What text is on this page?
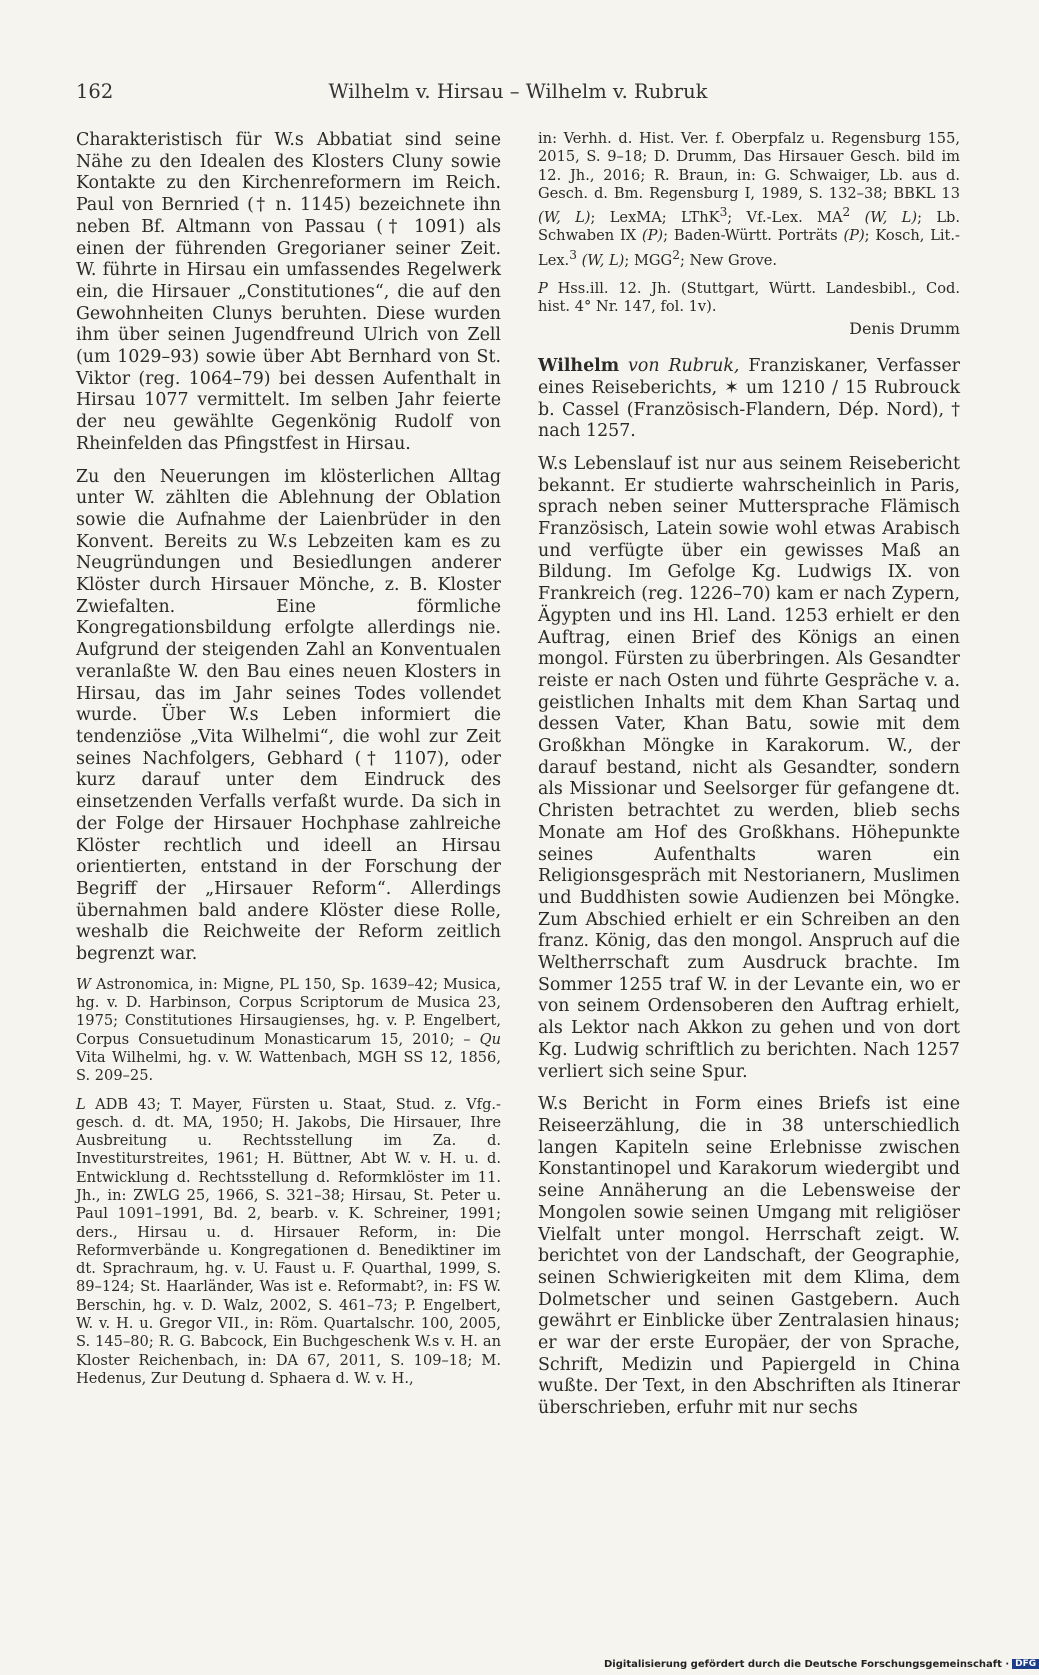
162	Wilhelm v. Hirsau – Wilhelm v. Rubruk

Charakteristisch für W.s Abbatiat sind seine Nähe zu den Idealen des Klosters Cluny sowie Kontakte zu den Kirchenreformern im Reich. Paul von Bernried († n. 1145) bezeichnete ihn neben Bf. Altmann von Passau († 1091) als einen der führenden Gregorianer seiner Zeit. W. führte in Hirsau ein umfassendes Regelwerk ein, die Hirsauer „Constitutiones“, die auf den Gewohnheiten Clunys beruhten. Diese wurden ihm über seinen Jugendfreund Ulrich von Zell (um 1029–93) sowie über Abt Bernhard von St. Viktor (reg. 1064–79) bei dessen Aufenthalt in Hirsau 1077 vermittelt. Im selben Jahr feierte der neu gewählte Gegenkönig Rudolf von Rheinfelden das Pfingstfest in Hirsau.

Zu den Neuerungen im klösterlichen Alltag unter W. zählten die Ablehnung der Oblation sowie die Aufnahme der Laienbrüder in den Konvent. Bereits zu W.s Lebzeiten kam es zu Neugründungen und Besiedlungen anderer Klöster durch Hirsauer Mönche, z. B. Kloster Zwiefalten. Eine förmliche Kongregationsbildung erfolgte allerdings nie. Aufgrund der steigenden Zahl an Konventualen veranlaßte W. den Bau eines neuen Klosters in Hirsau, das im Jahr seines Todes vollendet wurde. Über W.s Leben informiert die tendenziöse „Vita Wilhelmi“, die wohl zur Zeit seines Nachfolgers, Gebhard († 1107), oder kurz darauf unter dem Eindruck des einsetzenden Verfalls verfaßt wurde. Da sich in der Folge der Hirsauer Hochphase zahlreiche Klöster rechtlich und ideell an Hirsau orientierten, entstand in der Forschung der Begriff der „Hirsauer Reform“. Allerdings übernahmen bald andere Klöster diese Rolle, weshalb die Reichweite der Reform zeitlich begrenzt war.

W Astronomica, in: Migne, PL 150, Sp. 1639–42; Musica, hg. v. D. Harbinson, Corpus Scriptorum de Musica 23, 1975; Constitutiones Hirsaugienses, hg. v. P. Engelbert, Corpus Consuetudinum Monasticarum 15, 2010; – Qu Vita Wilhelmi, hg. v. W. Wattenbach, MGH SS 12, 1856, S. 209–25.

L ADB 43; T. Mayer, Fürsten u. Staat, Stud. z. Vfg.-gesch. d. dt. MA, 1950; H. Jakobs, Die Hirsauer, Ihre Ausbreitung u. Rechtsstellung im Za. d. Investiturstreites, 1961; H. Büttner, Abt W. v. H. u. d. Entwicklung d. Rechtsstellung d. Reformklöster im 11. Jh., in: ZWLG 25, 1966, S. 321–38; Hirsau, St. Peter u. Paul 1091–1991, Bd. 2, bearb. v. K. Schreiner, 1991; ders., Hirsau u. d. Hirsauer Reform, in: Die Reformverbände u. Kongregationen d. Benediktiner im dt. Sprachraum, hg. v. U. Faust u. F. Quarthal, 1999, S. 89–124; St. Haarländer, Was ist e. Reformabt?, in: FS W. Berschin, hg. v. D. Walz, 2002, S. 461–73; P. Engelbert, W. v. H. u. Gregor VII., in: Röm. Quartalschr. 100, 2005, S. 145–80; R. G. Babcock, Ein Buchgeschenk W.s v. H. an Kloster Reichenbach, in: DA 67, 2011, S. 109–18; M. Hedenus, Zur Deutung d. Sphaera d. W. v. H.,

in: Verhh. d. Hist. Ver. f. Oberpfalz u. Regensburg 155, 2015, S. 9–18; D. Drumm, Das Hirsauer Gesch. bild im 12. Jh., 2016; R. Braun, in: G. Schwaiger, Lb. aus d. Gesch. d. Bm. Regensburg I, 1989, S. 132–38; BBKL 13 (W, L); LexMA; LThK$^3$; Vf.-Lex. $MA^2$ (W, L); Lb. Schwaben IX (P); Baden-Württ. Porträts (P); Kosch, Lit.-Lex.$^3$ (W, L); MGG$^2$; New Grove.

P Hss.ill. 12. Jh. (Stuttgart, Württ. Landesbibl., Cod. hist. 4° Nr. 147, fol. 1v).

Denis Drumm

Wilhelm von Rubruk, Franziskaner, Verfasser eines Reiseberichts, ✶ um 1210 / 15 Rubrouck b. Cassel (Französisch-Flandern, Dép. Nord), † nach 1257.

W.s Lebenslauf ist nur aus seinem Reisebericht bekannt. Er studierte wahrscheinlich in Paris, sprach neben seiner Muttersprache Flämisch Französisch, Latein sowie wohl etwas Arabisch und verfügte über ein gewisses Maß an Bildung. Im Gefolge Kg. Ludwigs IX. von Frankreich (reg. 1226–70) kam er nach Zypern, Ägypten und ins Hl. Land. 1253 erhielt er den Auftrag, einen Brief des Königs an einen mongol. Fürsten zu überbringen. Als Gesandter reiste er nach Osten und führte Gespräche v. a. geistlichen Inhalts mit dem Khan Sartaq und dessen Vater, Khan Batu, sowie mit dem Großkhan Möngke in Karakorum. W., der darauf bestand, nicht als Gesandter, sondern als Missionar und Seelsorger für gefangene dt. Christen betrachtet zu werden, blieb sechs Monate am Hof des Großkhans. Höhepunkte seines Aufenthalts waren ein Religionsgespräch mit Nestorianern, Muslimen und Buddhisten sowie Audienzen bei Möngke. Zum Abschied erhielt er ein Schreiben an den franz. König, das den mongol. Anspruch auf die Weltherrschaft zum Ausdruck brachte. Im Sommer 1255 traf W. in der Levante ein, wo er von seinem Ordensoberen den Auftrag erhielt, als Lektor nach Akkon zu gehen und von dort Kg. Ludwig schriftlich zu berichten. Nach 1257 verliert sich seine Spur.

W.s Bericht in Form eines Briefs ist eine Reiseerzählung, die in 38 unterschiedlich langen Kapiteln seine Erlebnisse zwischen Konstantinopel und Karakorum wiedergibt und seine Annäherung an die Lebensweise der Mongolen sowie seinen Umgang mit religiöser Vielfalt unter mongol. Herrschaft zeigt. W. berichtet von der Landschaft, der Geographie, seinen Schwierigkeiten mit dem Klima, dem Dolmetscher und seinen Gastgebern. Auch gewährt er Einblicke über Zentralasien hinaus; er war der erste Europäer, der von Sprache, Schrift, Medizin und Papiergeld in China wußte. Der Text, in den Abschriften als Itinerar überschrieben, erfuhr mit nur sechs

Digitalisierung gefördert durch die Deutsche Forschungsgemeinschaft · DFG
